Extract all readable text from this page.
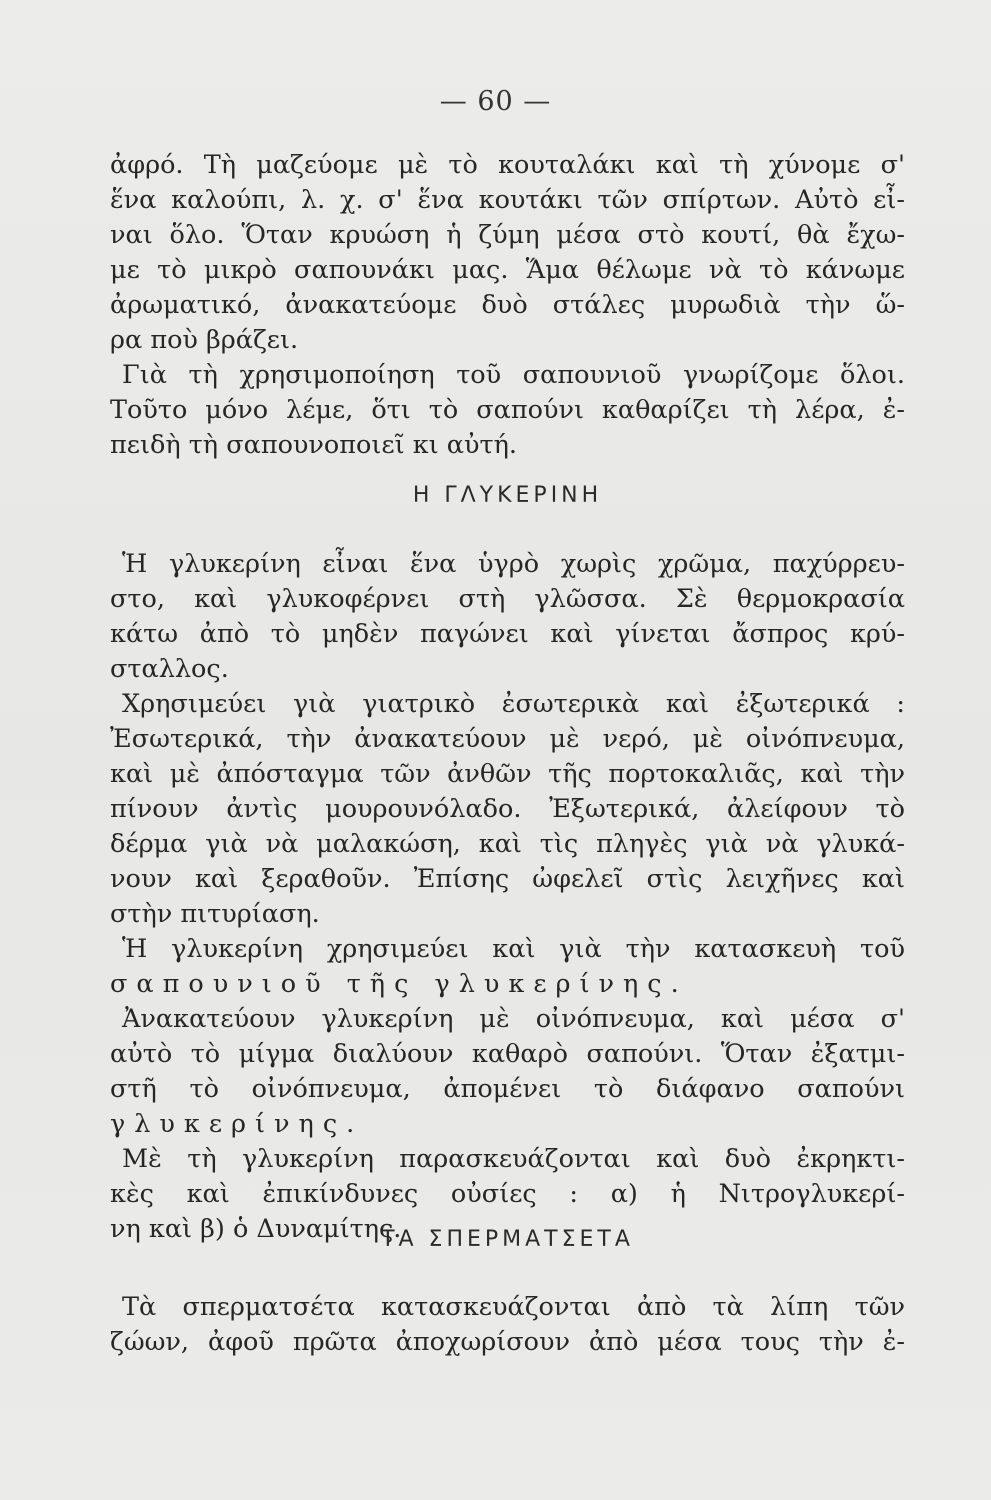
— 60 —
ἀφρό. Τὴ μαζεύομε μὲ τὸ κουταλάκι καὶ τὴ χύνομε σ'
ἕνα καλούπι, λ. χ. σ' ἕνα κουτάκι τῶν σπίρτων. Αὐτὸ εἶ-
ναι ὅλο. Ὅταν κρυώση ἡ ζύμη μέσα στὸ κουτί, θὰ ἔχω-
με τὸ μικρὸ σαπουνάκι μας. Ἅμα θέλωμε νὰ τὸ κάνωμε
ἀρωματικό, ἀνακατεύομε δυὸ στάλες μυρωδιὰ τὴν ὥ-
ρα ποὺ βράζει.
Γιὰ τὴ χρησιμοποίηση τοῦ σαπουνιοῦ γνωρίζομε ὅλοι.
Τοῦτο μόνο λέμε, ὅτι τὸ σαπούνι καθαρίζει τὴ λέρα, ἐ-
πειδὴ τὴ σαπουνοποιεῖ κι αὐτή.
Η ΓΛΥΚΕΡΙΝΗ
Ἡ γλυκερίνη εἶναι ἕνα ὑγρὸ χωρὶς χρῶμα, παχύρρευ-
στο, καὶ γλυκοφέρνει στὴ γλῶσσα. Σὲ θερμοκρασία
κάτω ἀπὸ τὸ μηδὲν παγώνει καὶ γίνεται ἄσπρος κρύ-
σταλλος.
Χρησιμεύει γιὰ γιατρικὸ ἐσωτερικὰ καὶ ἐξωτερικά :
Ἐσωτερικά, τὴν ἀνακατεύουν μὲ νερό, μὲ οἰνόπνευμα,
καὶ μὲ ἀπόσταγμα τῶν ἀνθῶν τῆς πορτοκαλιᾶς, καὶ τὴν
πίνουν ἀντὶς μουρουνόλαδο. Ἐξωτερικά, ἀλείφουν τὸ
δέρμα γιὰ νὰ μαλακώση, καὶ τὶς πληγὲς γιὰ νὰ γλυκά-
νουν καὶ ξεραθοῦν. Ἐπίσης ὠφελεῖ στὶς λειχῆνες καὶ
στὴν πιτυρίαση.
Ἡ γλυκερίνη χρησιμεύει καὶ γιὰ τὴν κατασκευὴ τοῦ
σαπουνιοῦ τῆς γλυκερίνης.
Ἀνακατεύουν γλυκερίνη μὲ οἰνόπνευμα, καὶ μέσα σ'
αὐτὸ τὸ μίγμα διαλύουν καθαρὸ σαπούνι. Ὅταν ἐξατμι-
στῆ τὸ οἰνόπνευμα, ἀπομένει τὸ διάφανο σαπούνι
γλυκερίνης.
Μὲ τὴ γλυκερίνη παρασκευάζονται καὶ δυὸ ἐκρηκτι-
κὲς καὶ ἐπικίνδυνες οὐσίες : α) ἡ Νιτρογλυκερί-
νη καὶ β) ὁ Δυναμίτης.
ΤΑ ΣΠΕΡΜΑΤΣΕΤΑ
Τὰ σπερματσέτα κατασκευάζονται ἀπὸ τὰ λίπη τῶν
ζώων, ἀφοῦ πρῶτα ἀποχωρίσουν ἀπὸ μέσα τους τὴν ἐ-
